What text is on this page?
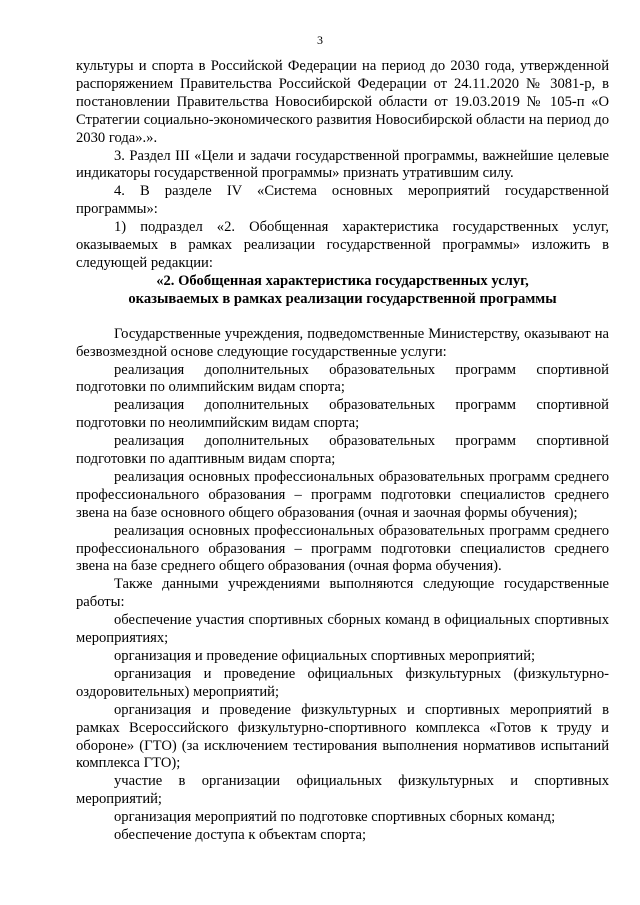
3

культуры и спорта в Российской Федерации на период до 2030 года, утвержденной распоряжением Правительства Российской Федерации от 24.11.2020 № 3081-р, в постановлении Правительства Новосибирской области от 19.03.2019 № 105-п «О Стратегии социально-экономического развития Новосибирской области на период до 2030 года».».

3. Раздел III «Цели и задачи государственной программы, важнейшие целевые индикаторы государственной программы» признать утратившим силу.

4. В разделе IV «Система основных мероприятий государственной программы»:

1) подраздел «2. Обобщенная характеристика государственных услуг, оказываемых в рамках реализации государственной программы» изложить в следующей редакции:

«2. Обобщенная характеристика государственных услуг,
оказываемых в рамках реализации государственной программы

Государственные учреждения, подведомственные Министерству, оказывают на безвозмездной основе следующие государственные услуги:

реализация дополнительных образовательных программ спортивной подготовки по олимпийским видам спорта;

реализация дополнительных образовательных программ спортивной подготовки по неолимпийским видам спорта;

реализация дополнительных образовательных программ спортивной подготовки по адаптивным видам спорта;

реализация основных профессиональных образовательных программ среднего профессионального образования – программ подготовки специалистов среднего звена на базе основного общего образования (очная и заочная формы обучения);

реализация основных профессиональных образовательных программ среднего профессионального образования – программ подготовки специалистов среднего звена на базе среднего общего образования (очная форма обучения).

Также данными учреждениями выполняются следующие государственные работы:

обеспечение участия спортивных сборных команд в официальных спортивных мероприятиях;

организация и проведение официальных спортивных мероприятий;

организация и проведение официальных физкультурных (физкультурно-оздоровительных) мероприятий;

организация и проведение физкультурных и спортивных мероприятий в рамках Всероссийского физкультурно-спортивного комплекса «Готов к труду и обороне» (ГТО) (за исключением тестирования выполнения нормативов испытаний комплекса ГТО);

участие в организации официальных физкультурных и спортивных мероприятий;

организация мероприятий по подготовке спортивных сборных команд;

обеспечение доступа к объектам спорта;
